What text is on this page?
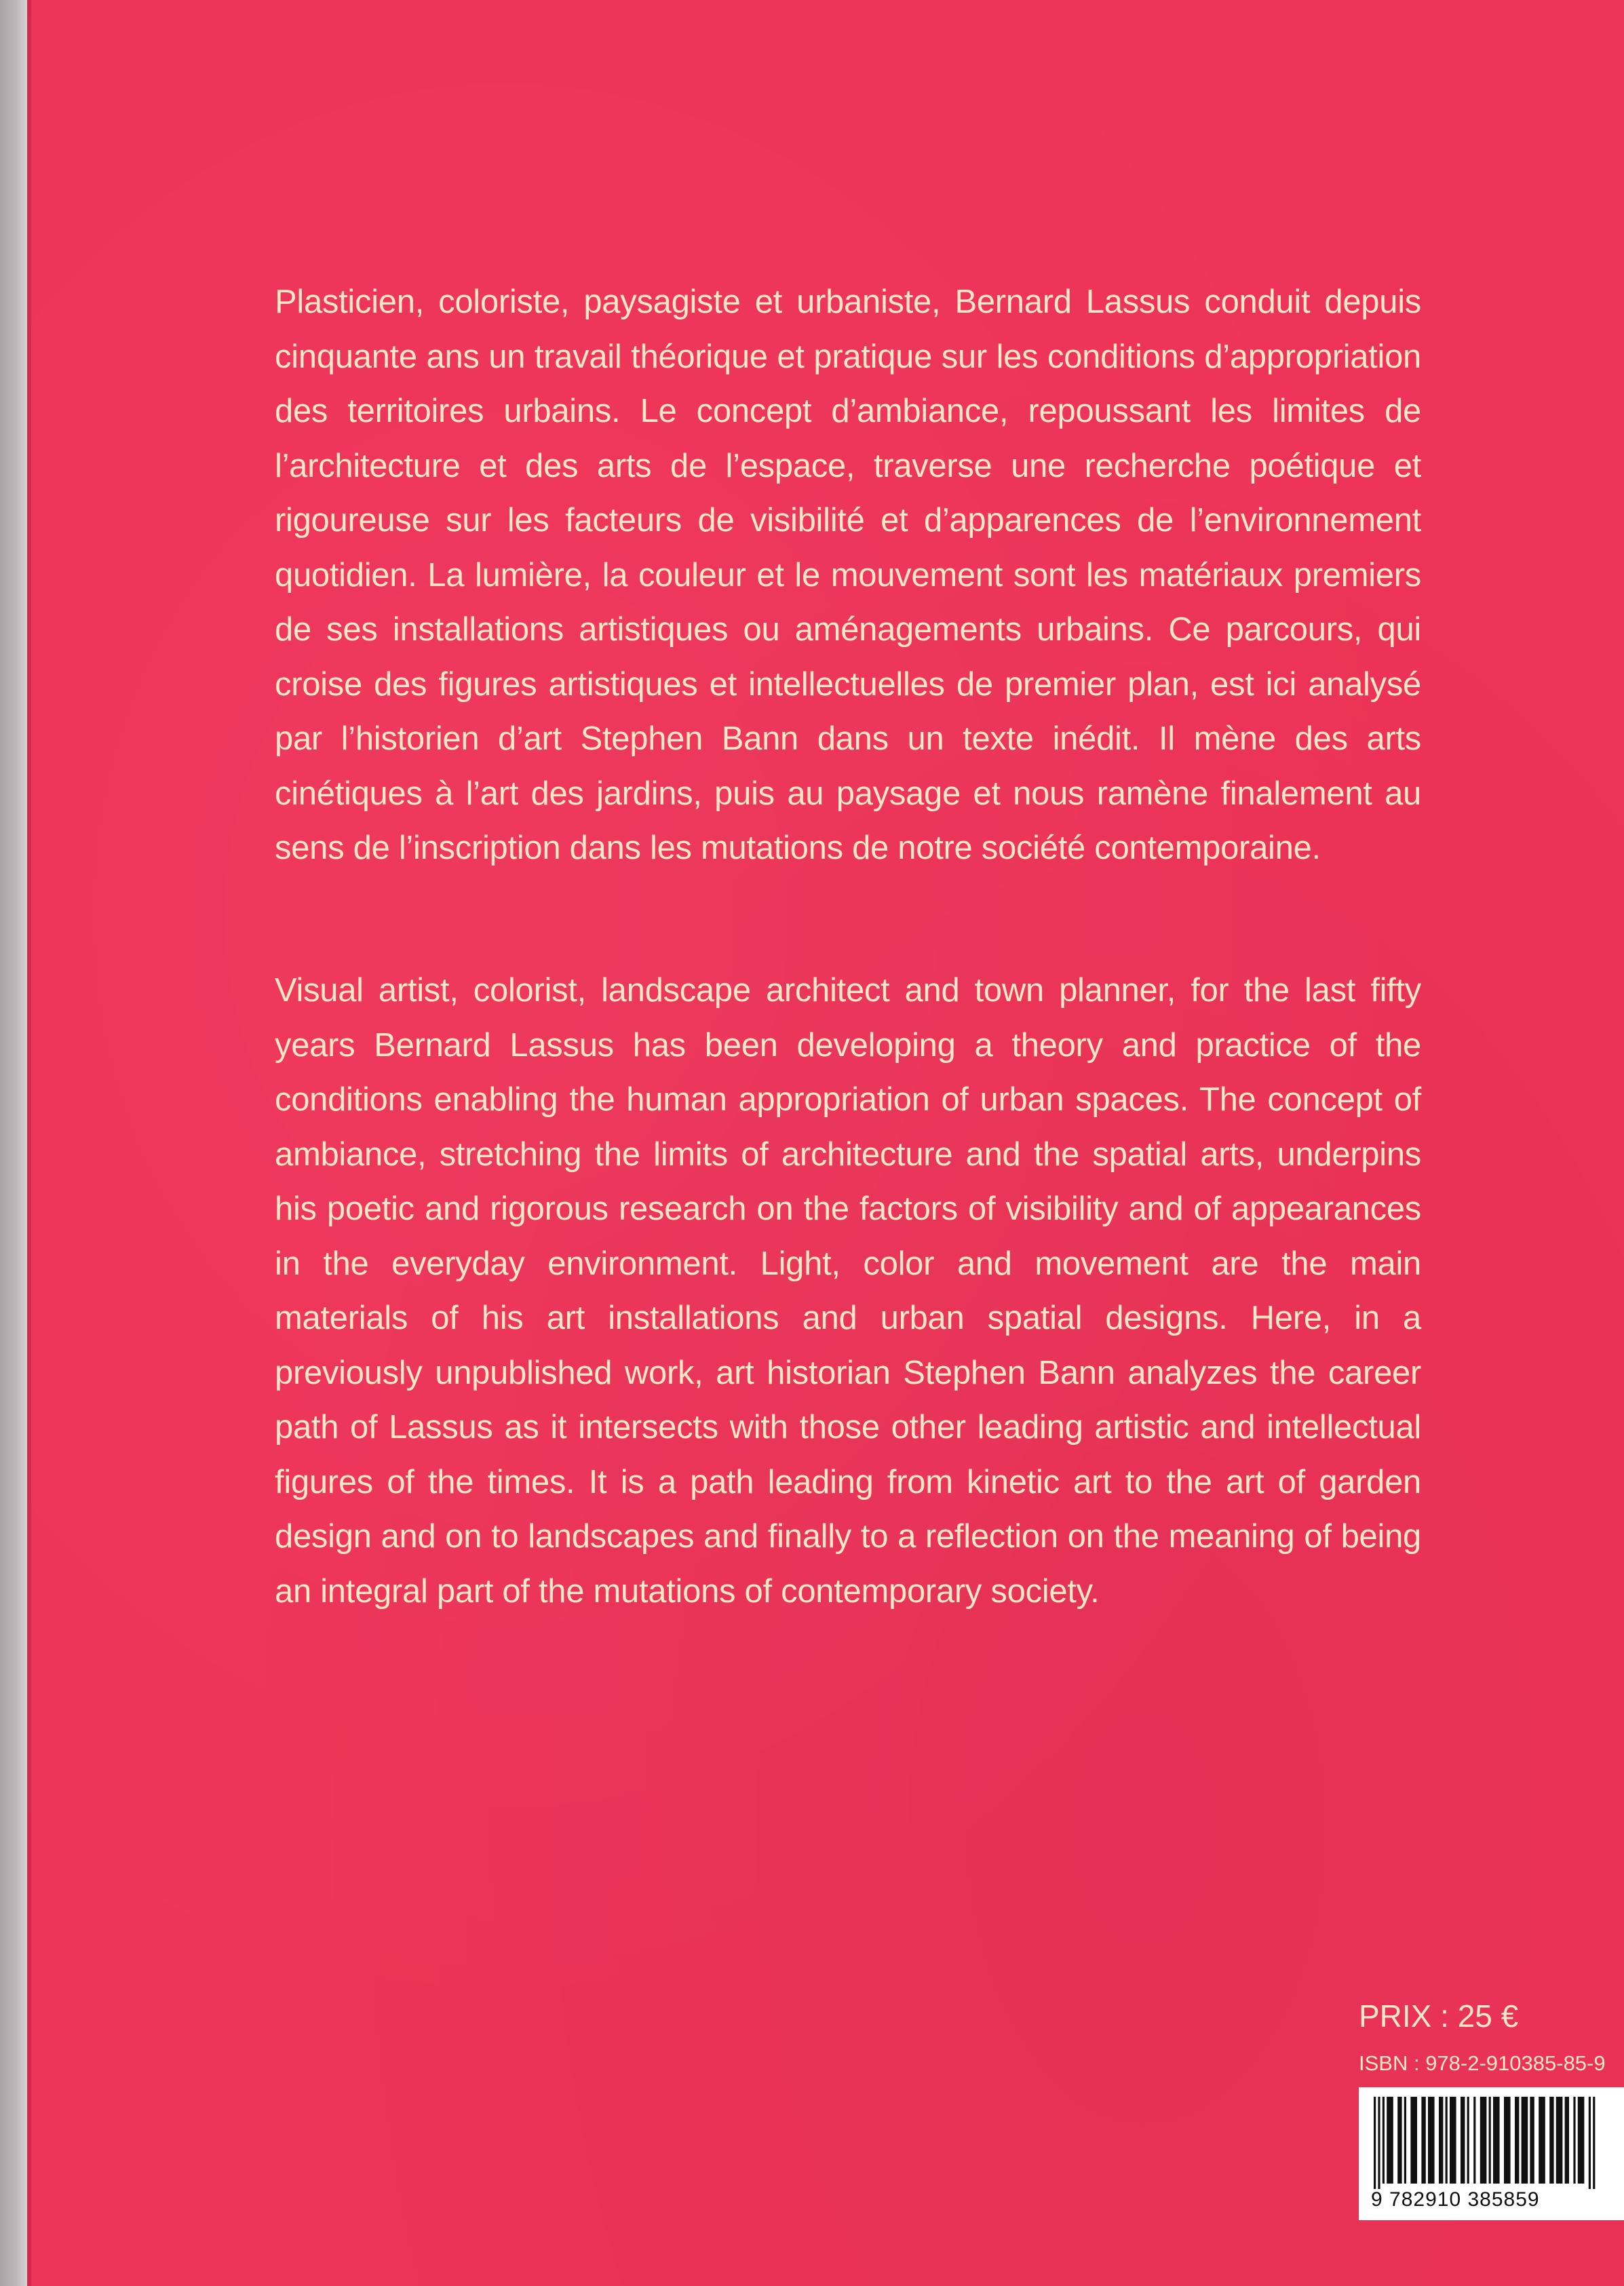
Plasticien, coloriste, paysagiste et urbaniste, Bernard Lassus conduit depuis cinquante ans un travail théorique et pratique sur les conditions d’appropriation des territoires urbains. Le concept d’ambiance, repoussant les limites de l’architecture et des arts de l’espace, traverse une recherche poétique et rigoureuse sur les facteurs de visibilité et d’apparences de l’environnement quotidien. La lumière, la couleur et le mouvement sont les matériaux premiers de ses installations artistiques ou aménagements urbains. Ce parcours, qui croise des figures artistiques et intellectuelles de premier plan, est ici analysé par l’historien d’art Stephen Bann dans un texte inédit. Il mène des arts cinétiques à l’art des jardins, puis au paysage et nous ramène finalement au sens de l’inscription dans les mutations de notre société contemporaine.

Visual artist, colorist, landscape architect and town planner, for the last fifty years Bernard Lassus has been developing a theory and practice of the conditions enabling the human appropriation of urban spaces. The concept of ambiance, stretching the limits of architecture and the spatial arts, underpins his poetic and rigorous research on the factors of visibility and of appearances in the everyday environment. Light, color and movement are the main materials of his art installations and urban spatial designs. Here, in a previously unpublished work, art historian Stephen Bann analyzes the career path of Lassus as it intersects with those other leading artistic and intellectual figures of the times. It is a path leading from kinetic art to the art of garden design and on to landscapes and finally to a reflection on the meaning of being an integral part of the mutations of contemporary society.

PRIX : 25 €
ISBN : 978-2-910385-85-9
9 782910 385859
